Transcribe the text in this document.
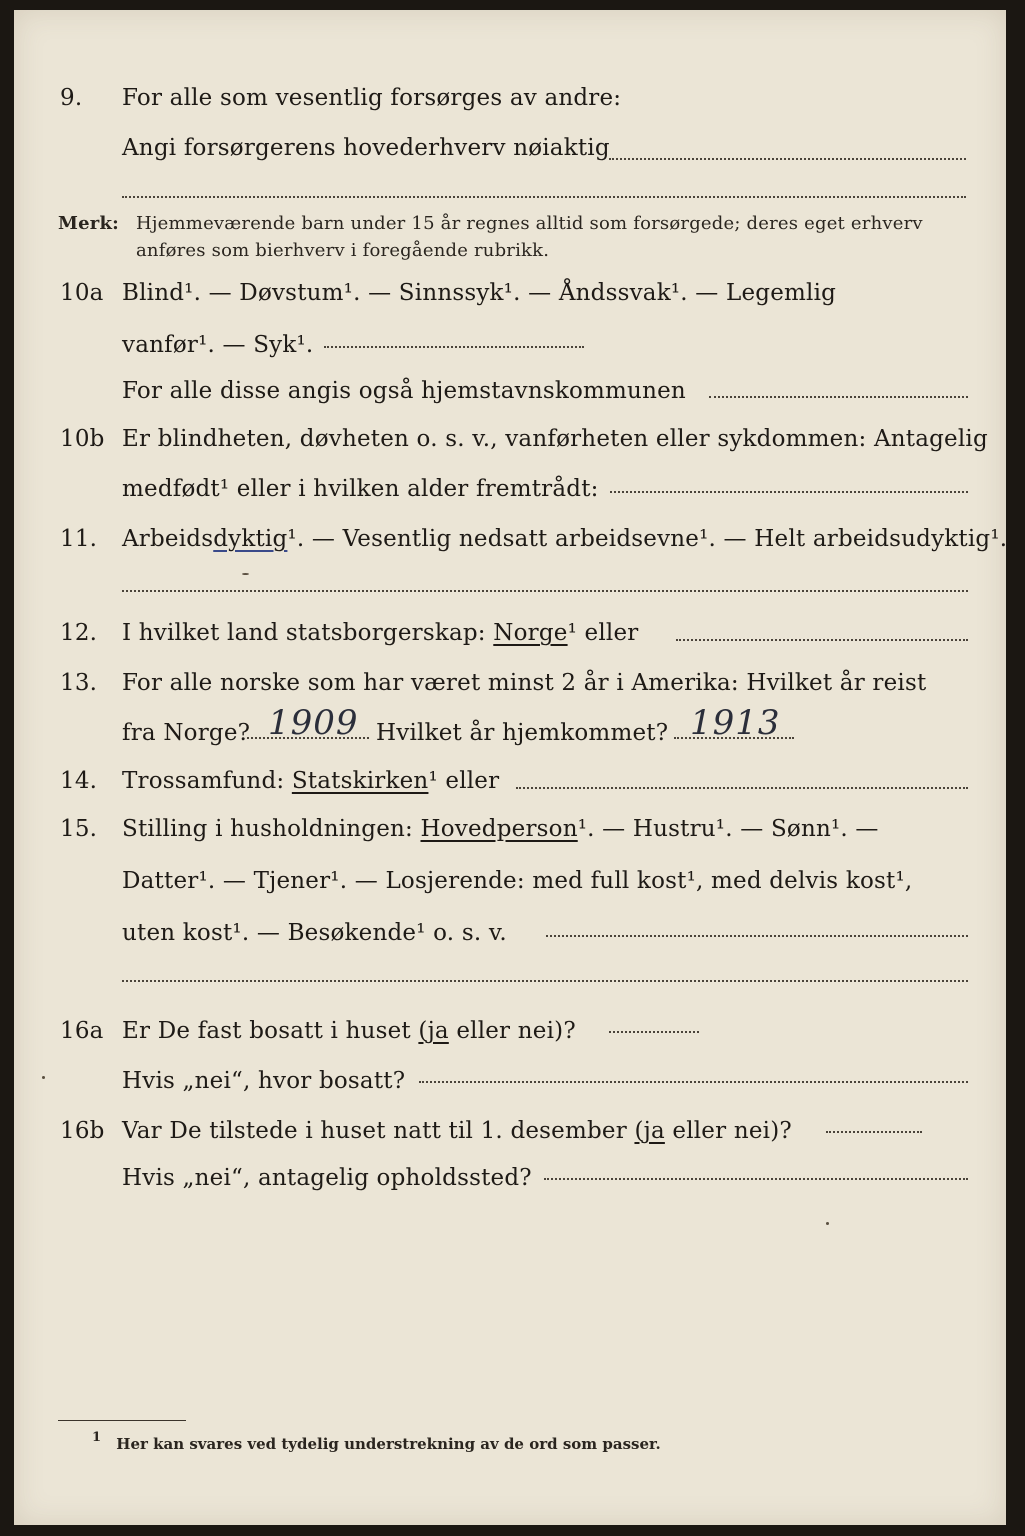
9. For alle som vesentlig forsørges av andre:
Angi forsørgerens hovederhverv nøiaktig
Merk: Hjemmeværende barn under 15 år regnes alltid som forsørgede; deres eget erhverv
anføres som bierhverv i foregående rubrikk.
10a Blind¹. — Døvstum¹. — Sinnssyk¹. — Åndssvak¹. — Legemlig
vanfør¹. — Syk¹.
For alle disse angis også hjemstavnskommunen
10b Er blindheten, døvheten o. s. v., vanførheten eller sykdommen: Antagelig
medfødt¹ eller i hvilken alder fremtrådt:
11. Arbeidsdyktig¹. — Vesentlig nedsatt arbeidsevne¹. — Helt arbeidsudyktig¹.
12. I hvilket land statsborgerskap: Norge¹ eller
13. For alle norske som har været minst 2 år i Amerika: Hvilket år reist
fra Norge?	Hvilket år hjemkommet?
1909	1913
14. Trossamfund: Statskirken¹ eller
15. Stilling i husholdningen: Hovedperson¹. — Hustru¹. — Sønn¹. —
Datter¹. — Tjener¹. — Losjerende: med full kost¹, med delvis kost¹,
uten kost¹. — Besøkende¹ o. s. v.
16a Er De fast bosatt i huset (ja eller nei)?
Hvis „nei“, hvor bosatt?
16b Var De tilstede i huset natt til 1. desember (ja eller nei)?
Hvis „nei“, antagelig opholdssted?
$^1$ Her kan svares ved tydelig understrekning av de ord som passer.
